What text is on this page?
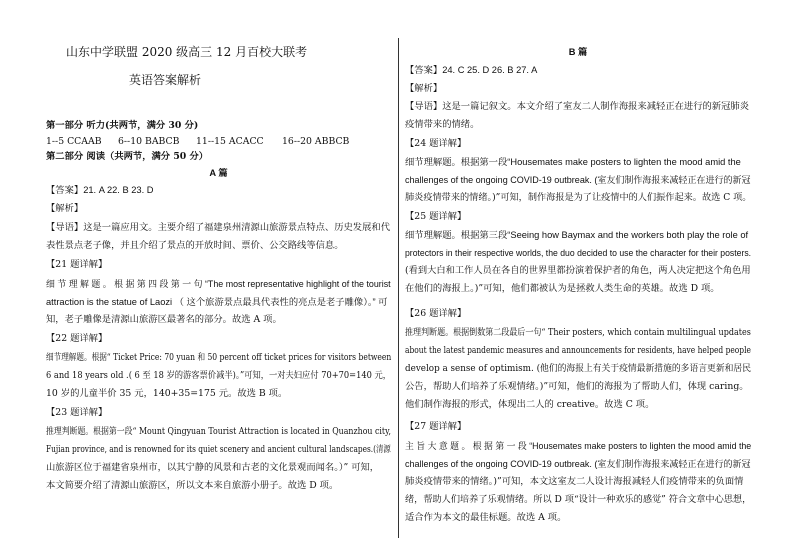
山东中学联盟 2020 级高三 12 月百校大联考
英语答案解析
第一部分 听力(共两节，满分 30 分)
1--5 CCAAB 6--10 BABCB 11--15 ACACC 16--20 ABBCB
第二部分 阅读（共两节，满分 50 分）
A 篇
【答案】21. A 22. B 23. D
【解析】
【导语】这是一篇应用文。主要介绍了福建泉州清源山旅游景点特点、历史发展和代
表性景点老子像，并且介绍了景点的开放时间、票价、公交路线等信息。
【21 题详解】
细 节 理 解 题 。 根 据 第 四 段 第 一 句 “The most representative highlight of the tourist
attraction is the statue of Laozi （ 这个旅游景点最具代表性的亮点是老子雕像）。” 可
知，老子雕像是清源山旅游区最著名的部分。故选 A 项。
【22 题详解】
细节理解题。根据“ Ticket Price: 70 yuan 和 50 percent off ticket prices for visitors between
6 and 18 years old .( 6 至 18 岁的游客票价减半)。”可知，一对夫妇应付 70+70=140 元，
10 岁的儿童半价 35 元，140+35=175 元。故选 B 项。
【23 题详解】
推理判断题。根据第一段“ Mount Qingyuan Tourist Attraction is located in Quanzhou city,
Fujian province, and is renowned for its quiet scenery and ancient cultural landscapes.(清源
山旅游区位于福建省泉州市，以其宁静的风景和古老的文化景观而闻名。）” 可知，
本文简要介绍了清源山旅游区，所以文本来自旅游小册子。故选 D 项。
B 篇
【答案】24. C 25. D 26. B 27. A
【解析】
【导语】这是一篇记叙文。本文介绍了室友二人制作海报来减轻正在进行的新冠肺炎
疫情带来的情绪。
【24 题详解】
细节理解题。根据第一段“Housemates make posters to lighten the mood amid the
challenges of the ongoing COVID-19 outbreak. (室友们制作海报来减轻正在进行的新冠
肺炎疫情带来的情绪。)”可知，制作海报是为了让疫情中的人们振作起来。故选 C 项。
【25 题详解】
细节理解题。根据第三段“Seeing how Baymax and the workers both play the role of
protectors in their respective worlds, the duo decided to use the character for their posters.
(看到大白和工作人员在各自的世界里都扮演着保护者的角色，两人决定把这个角色用
在他们的海报上。)”可知，他们都被认为是拯救人类生命的英雄。故选 D 项。
【26 题详解】
推理判断题。根据倒数第二段最后一句“ Their posters, which contain multilingual updates
about the latest pandemic measures and announcements for residents, have helped people
develop a sense of optimism. (他们的海报上有关于疫情最新措施的多语言更新和居民
公告，帮助人们培养了乐观情绪。)”可知，他们的海报为了帮助人们，体现 caring。
他们制作海报的形式，体现出二人的 creative。故选 C 项。
【27 题详解】
主 旨 大 意 题 。 根 据 第 一 段 “Housemates make posters to lighten the mood amid the
challenges of the ongoing COVID-19 outbreak. (室友们制作海报来减轻正在进行的新冠
肺炎疫情带来的情绪。)”可知，本文这室友二人设计海报减轻人们疫情带来的负面情
绪，帮助人们培养了乐观情绪。所以 D 项“设计一种欢乐的感觉” 符合文章中心思想，
适合作为本文的最佳标题。故选 A 项。
